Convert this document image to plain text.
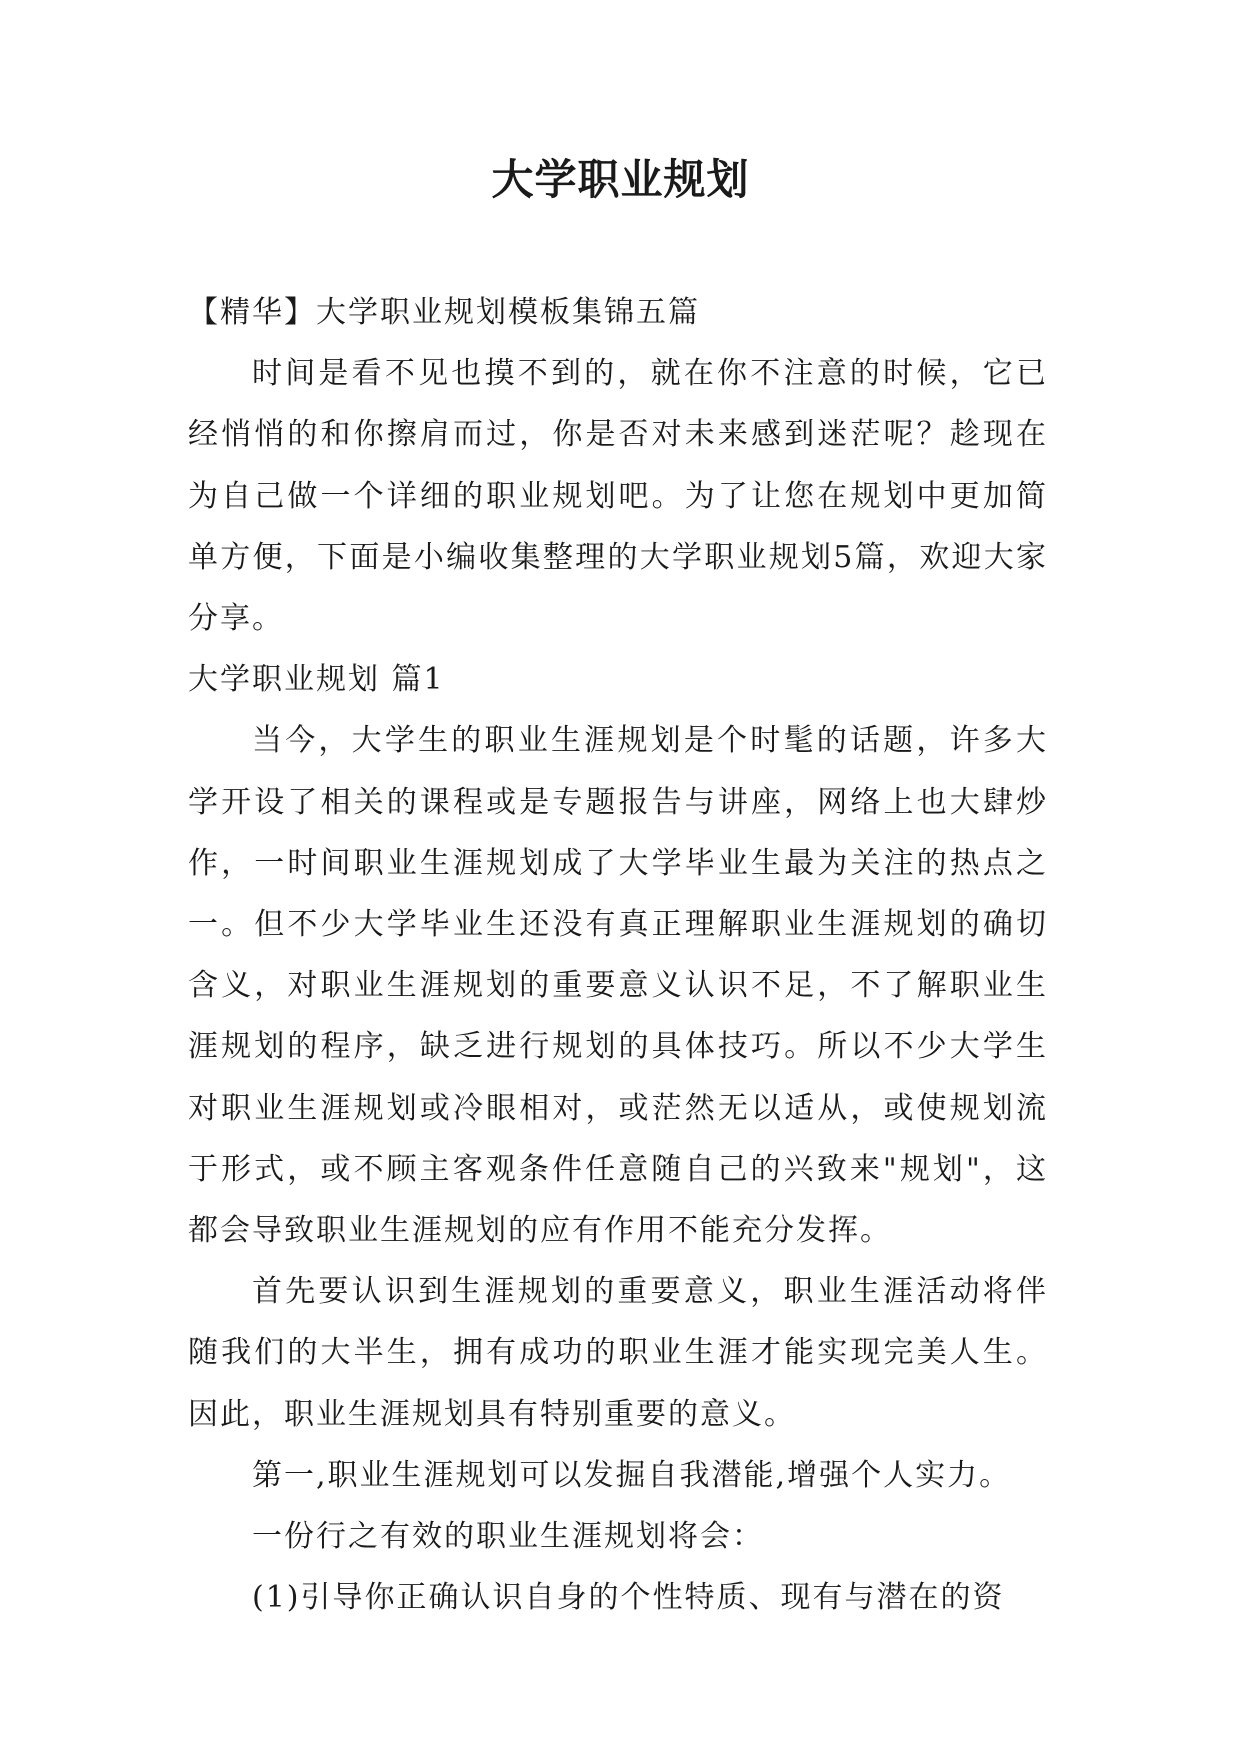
大学职业规划

【精华】大学职业规划模板集锦五篇

时间是看不见也摸不到的，就在你不注意的时候，它已经悄悄的和你擦肩而过，你是否对未来感到迷茫呢？趁现在为自己做一个详细的职业规划吧。为了让您在规划中更加简单方便，下面是小编收集整理的大学职业规划5篇，欢迎大家分享。

大学职业规划 篇1

当今，大学生的职业生涯规划是个时髦的话题，许多大学开设了相关的课程或是专题报告与讲座，网络上也大肆炒作，一时间职业生涯规划成了大学毕业生最为关注的热点之一。但不少大学毕业生还没有真正理解职业生涯规划的确切含义，对职业生涯规划的重要意义认识不足，不了解职业生涯规划的程序，缺乏进行规划的具体技巧。所以不少大学生对职业生涯规划或冷眼相对，或茫然无以适从，或使规划流于形式，或不顾主客观条件任意随自己的兴致来"规划"，这都会导致职业生涯规划的应有作用不能充分发挥。

首先要认识到生涯规划的重要意义，职业生涯活动将伴随我们的大半生，拥有成功的职业生涯才能实现完美人生。因此，职业生涯规划具有特别重要的意义。

第一,职业生涯规划可以发掘自我潜能,增强个人实力。

一份行之有效的职业生涯规划将会：

(1)引导你正确认识自身的个性特质、现有与潜在的资
